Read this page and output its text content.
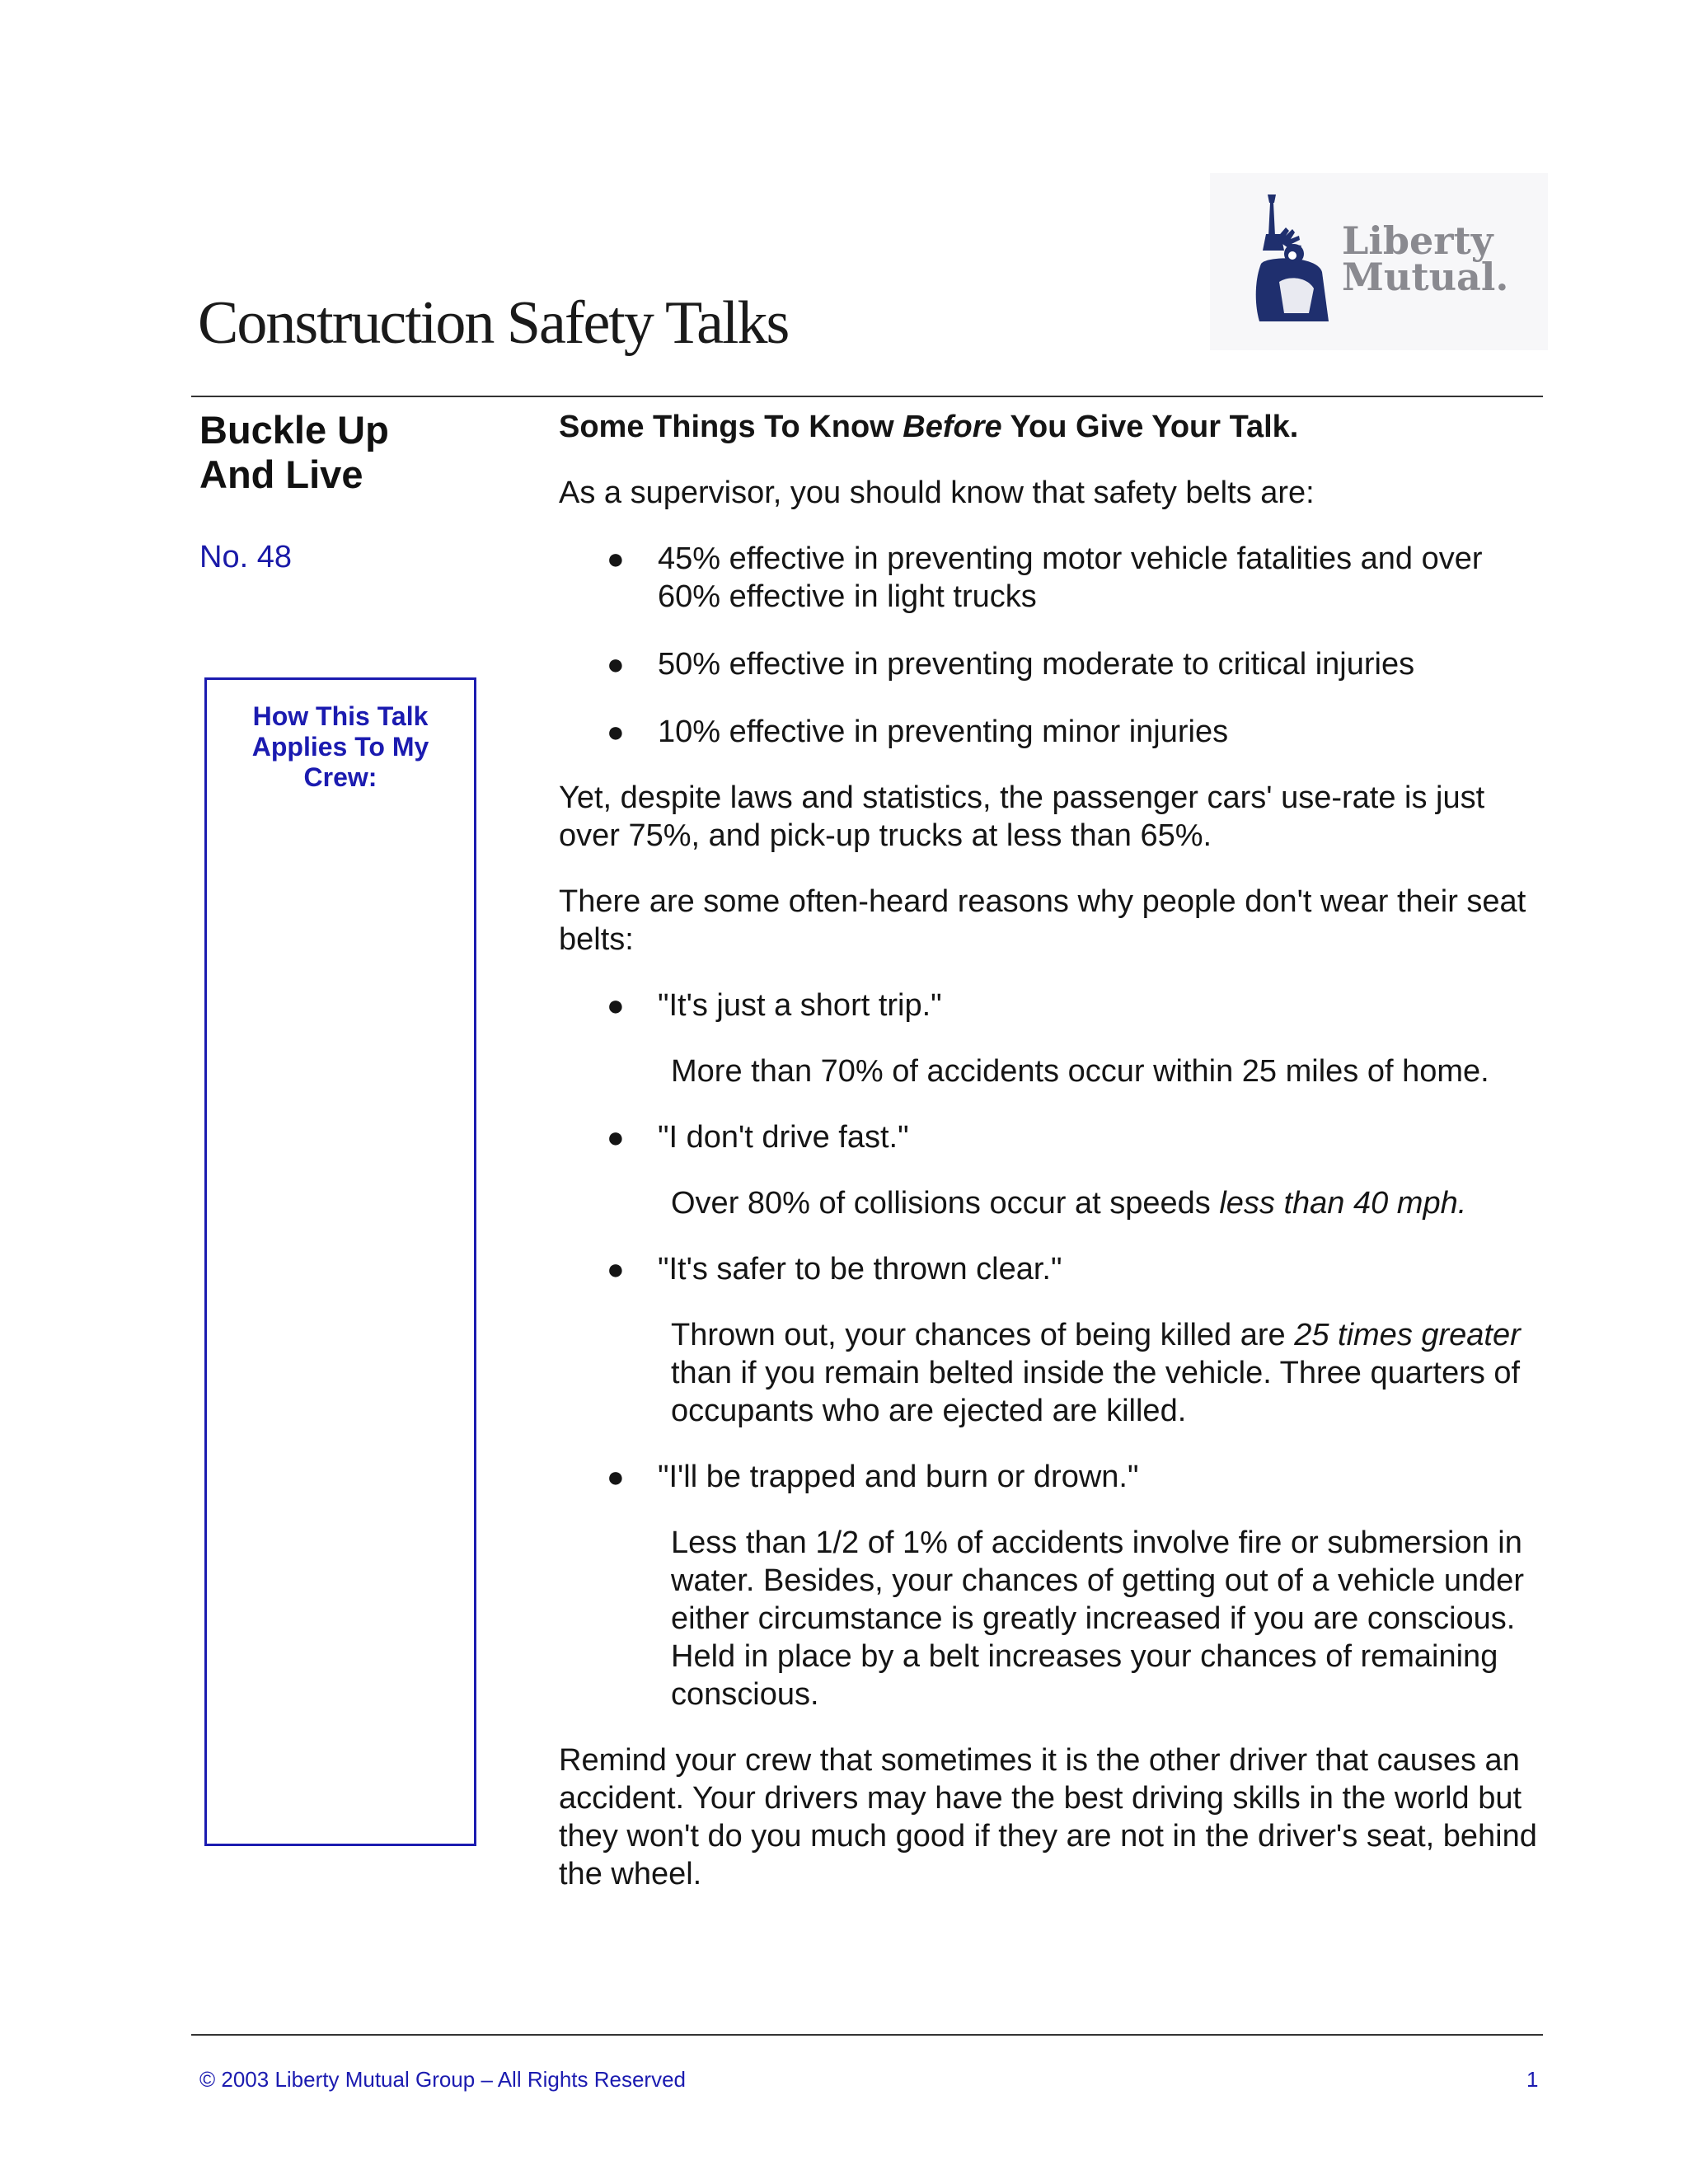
Construction Safety Talks
Liberty
Mutual.
Buckle Up
And Live
No. 48
How This Talk
Applies To My
Crew:

Some Things To Know Before You Give Your Talk.

As a supervisor, you should know that safety belts are:

● 45% effective in preventing motor vehicle fatalities and over 60% effective in light trucks
● 50% effective in preventing moderate to critical injuries
● 10% effective in preventing minor injuries

Yet, despite laws and statistics, the passenger cars' use-rate is just over 75%, and pick-up trucks at less than 65%.

There are some often-heard reasons why people don't wear their seat belts:

● "It's just a short trip."
More than 70% of accidents occur within 25 miles of home.
● "I don't drive fast."
Over 80% of collisions occur at speeds less than 40 mph.
● "It's safer to be thrown clear."
Thrown out, your chances of being killed are 25 times greater than if you remain belted inside the vehicle. Three quarters of occupants who are ejected are killed.
● "I'll be trapped and burn or drown."
Less than 1/2 of 1% of accidents involve fire or submersion in water. Besides, your chances of getting out of a vehicle under either circumstance is greatly increased if you are conscious. Held in place by a belt increases your chances of remaining conscious.

Remind your crew that sometimes it is the other driver that causes an accident. Your drivers may have the best driving skills in the world but they won't do you much good if they are not in the driver's seat, behind the wheel.

© 2003 Liberty Mutual Group – All Rights Reserved	1
